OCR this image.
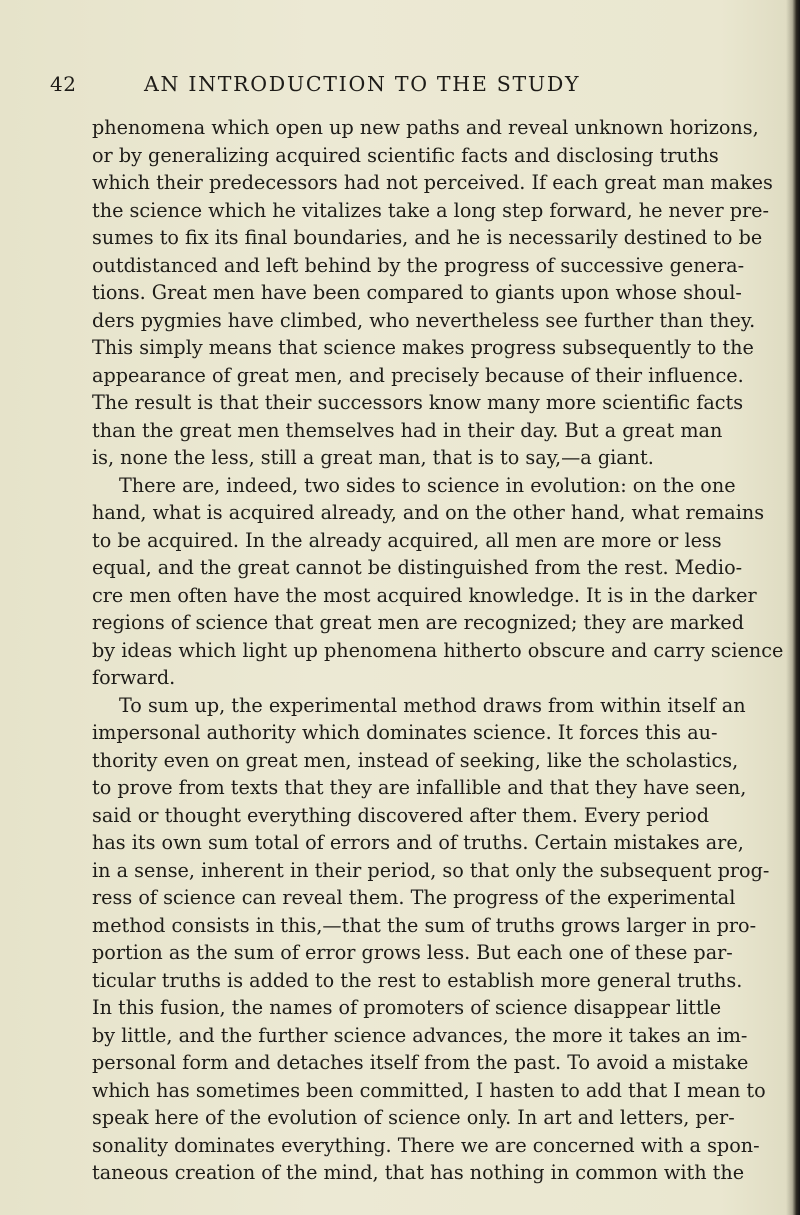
42	AN INTRODUCTION TO THE STUDY
phenomena which open up new paths and reveal unknown horizons,
or by generalizing acquired scientific facts and disclosing truths
which their predecessors had not perceived. If each great man makes
the science which he vitalizes take a long step forward, he never pre-
sumes to fix its final boundaries, and he is necessarily destined to be
outdistanced and left behind by the progress of successive genera-
tions. Great men have been compared to giants upon whose shoul-
ders pygmies have climbed, who nevertheless see further than they.
This simply means that science makes progress subsequently to the
appearance of great men, and precisely because of their influence.
The result is that their successors know many more scientific facts
than the great men themselves had in their day. But a great man
is, none the less, still a great man, that is to say,—a giant.
There are, indeed, two sides to science in evolution: on the one
hand, what is acquired already, and on the other hand, what remains
to be acquired. In the already acquired, all men are more or less
equal, and the great cannot be distinguished from the rest. Medio-
cre men often have the most acquired knowledge. It is in the darker
regions of science that great men are recognized; they are marked
by ideas which light up phenomena hitherto obscure and carry science
forward.
To sum up, the experimental method draws from within itself an
impersonal authority which dominates science. It forces this au-
thority even on great men, instead of seeking, like the scholastics,
to prove from texts that they are infallible and that they have seen,
said or thought everything discovered after them. Every period
has its own sum total of errors and of truths. Certain mistakes are,
in a sense, inherent in their period, so that only the subsequent prog-
ress of science can reveal them. The progress of the experimental
method consists in this,—that the sum of truths grows larger in pro-
portion as the sum of error grows less. But each one of these par-
ticular truths is added to the rest to establish more general truths.
In this fusion, the names of promoters of science disappear little
by little, and the further science advances, the more it takes an im-
personal form and detaches itself from the past. To avoid a mistake
which has sometimes been committed, I hasten to add that I mean to
speak here of the evolution of science only. In art and letters, per-
sonality dominates everything. There we are concerned with a spon-
taneous creation of the mind, that has nothing in common with the
